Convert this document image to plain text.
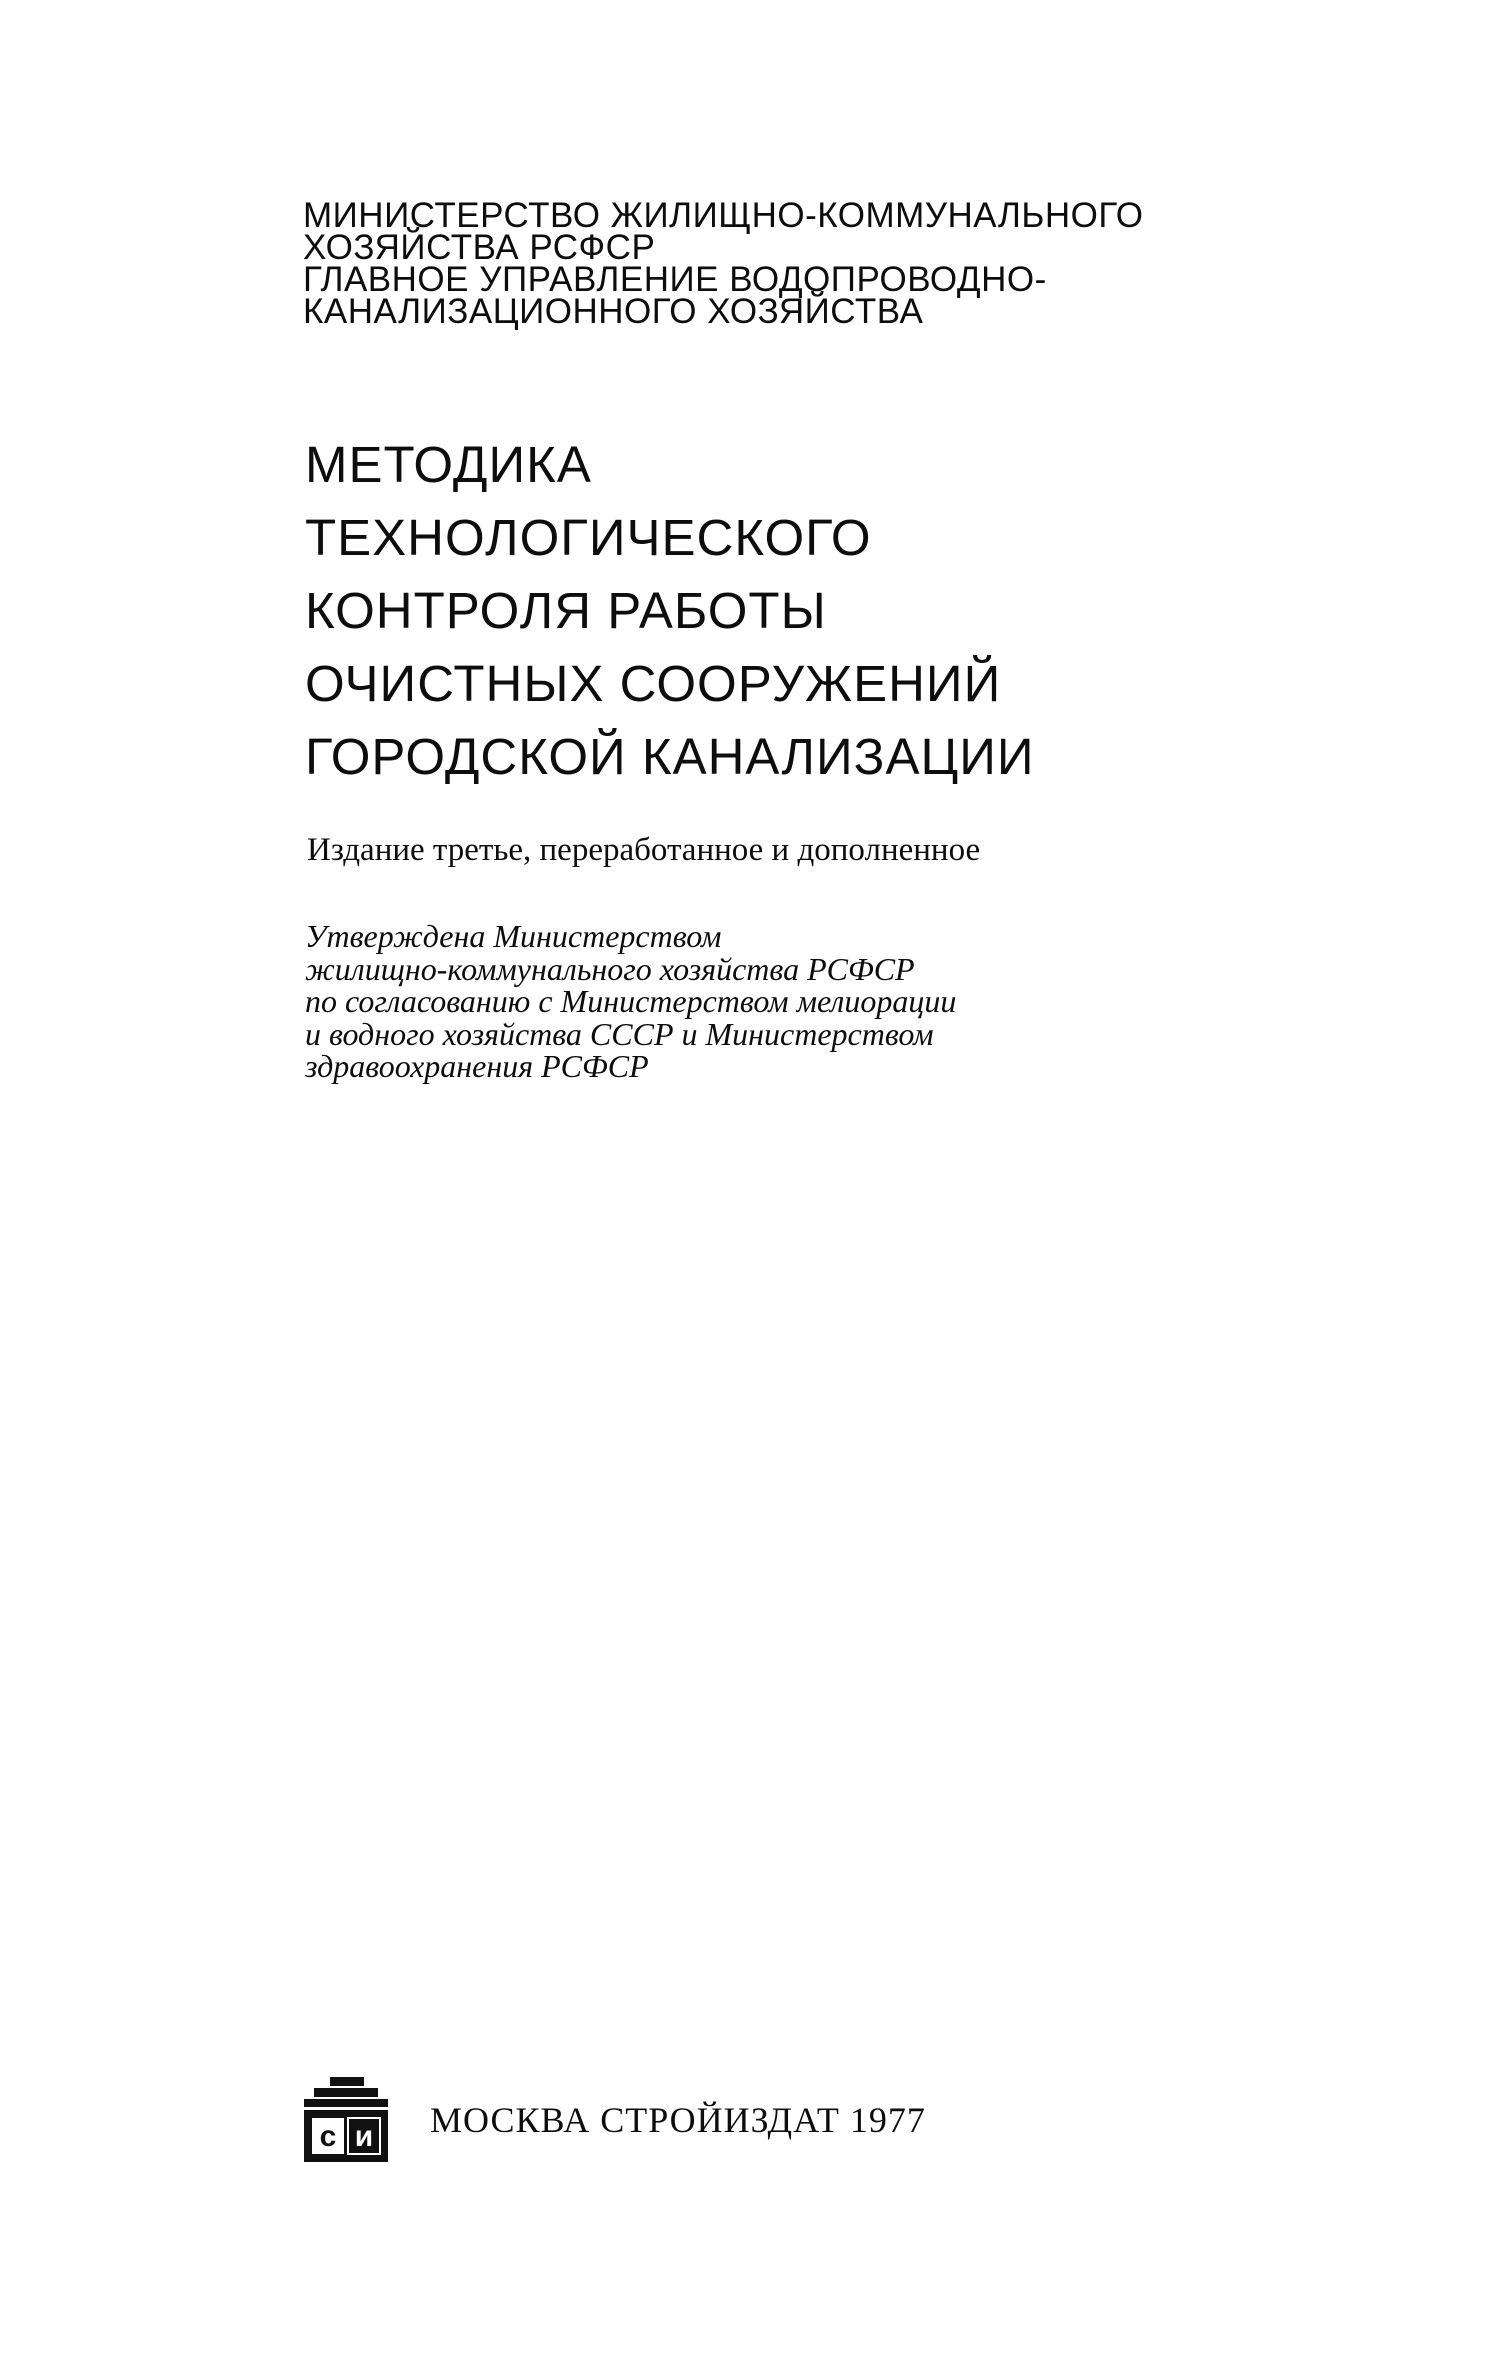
МИНИСТЕРСТВО ЖИЛИЩНО-КОММУНАЛЬНОГО
ХОЗЯЙСТВА РСФСР
ГЛАВНОЕ УПРАВЛЕНИЕ ВОДОПРОВОДНО-
КАНАЛИЗАЦИОННОГО ХОЗЯЙСТВА
МЕТОДИКА
ТЕХНОЛОГИЧЕСКОГО
КОНТРОЛЯ РАБОТЫ
ОЧИСТНЫХ СООРУЖЕНИЙ
ГОРОДСКОЙ КАНАЛИЗАЦИИ
Издание третье, переработанное и дополненное
Утверждена Министерством
жилищно-коммунального хозяйства РСФСР
по согласованию с Министерством мелиорации
и водного хозяйства СССР и Министерством
здравоохранения РСФСР
с и МОСКВА СТРОЙИЗДАТ 1977
